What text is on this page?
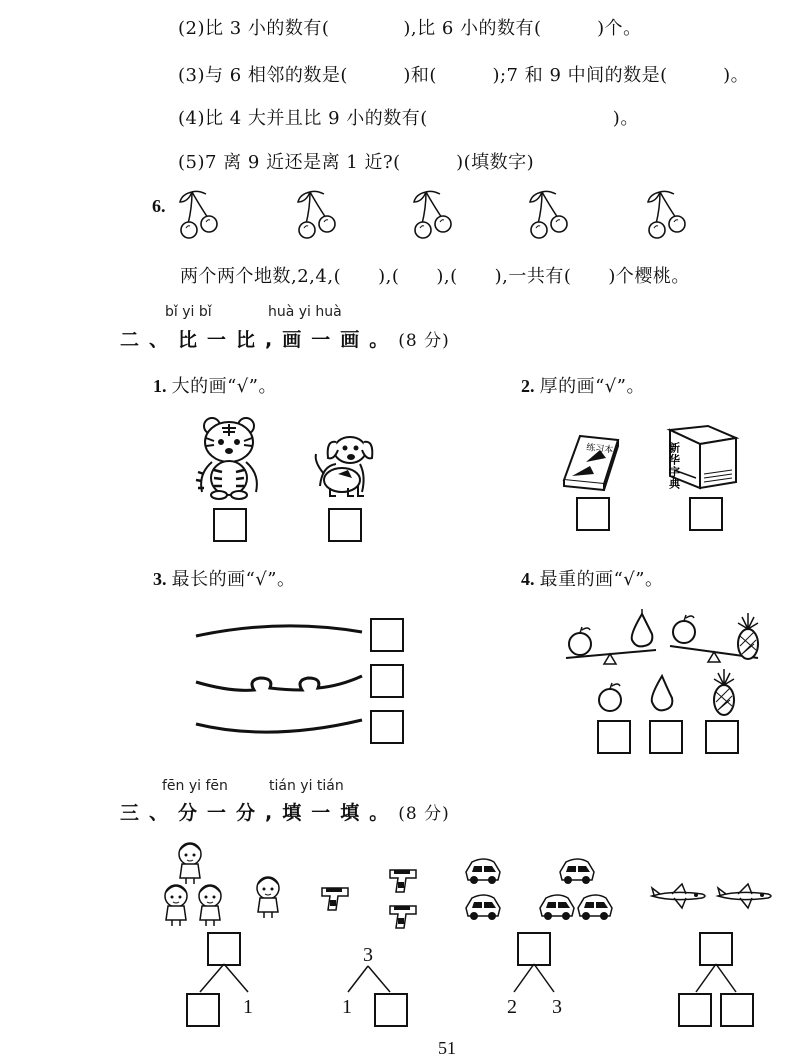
(2)比 3 小的数有(　　　　),比 6 小的数有(　　　)个。
(3)与 6 相邻的数是(　　　)和(　　　);7 和 9 中间的数是(　　　)。
(4)比 4 大并且比 9 小的数有(　　　　　　　　　　)。
(5)7 离 9 近还是离 1 近?(　　　)(填数字)
6.
两个两个地数,2,4,(　　),(　　),(　　),一共有(　　)个樱桃。
bǐ yi bǐ	huà yi huà
二、比一比,画一画。(8 分)
1. 大的画“√”。	2. 厚的画“√”。
练习本	新华字典
3. 最长的画“√”。	4. 最重的画“√”。
fēn yi fēn	tián yi tián
三、分一分,填一填。(8 分)
1
3
1	2 3
51
